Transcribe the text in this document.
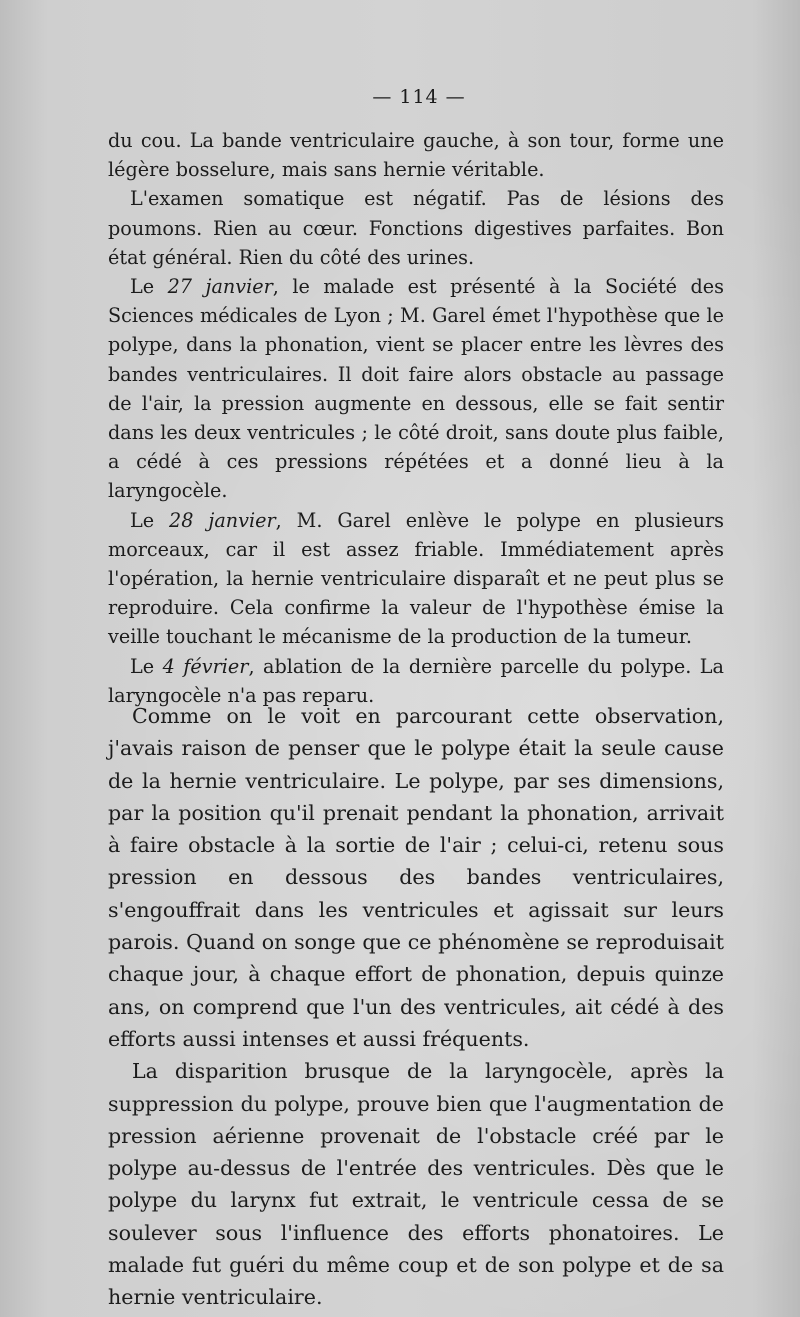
— 114 —

du cou. La bande ventriculaire gauche, à son tour, forme une légère bosselure, mais sans hernie véritable.

L'examen somatique est négatif. Pas de lésions des poumons. Rien au cœur. Fonctions digestives parfaites. Bon état général. Rien du côté des urines.

Le 27 janvier, le malade est présenté à la Société des Sciences médicales de Lyon ; M. Garel émet l'hypothèse que le polype, dans la phonation, vient se placer entre les lèvres des bandes ventriculaires. Il doit faire alors obstacle au passage de l'air, la pression augmente en dessous, elle se fait sentir dans les deux ventricules ; le côté droit, sans doute plus faible, a cédé à ces pressions répétées et a donné lieu à la laryngocèle.

Le 28 janvier, M. Garel enlève le polype en plusieurs morceaux, car il est assez friable. Immédiatement après l'opération, la hernie ventriculaire disparaît et ne peut plus se reproduire. Cela confirme la valeur de l'hypothèse émise la veille touchant le mécanisme de la production de la tumeur.

Le 4 février, ablation de la dernière parcelle du polype. La laryngocèle n'a pas reparu.

Comme on le voit en parcourant cette observation, j'avais raison de penser que le polype était la seule cause de la hernie ventriculaire. Le polype, par ses dimensions, par la position qu'il prenait pendant la phonation, arrivait à faire obstacle à la sortie de l'air ; celui-ci, retenu sous pression en dessous des bandes ventriculaires, s'engouffrait dans les ventricules et agissait sur leurs parois. Quand on songe que ce phénomène se reproduisait chaque jour, à chaque effort de phonation, depuis quinze ans, on comprend que l'un des ventricules, ait cédé à des efforts aussi intenses et aussi fréquents.

La disparition brusque de la laryngocèle, après la suppression du polype, prouve bien que l'augmentation de pression aérienne provenait de l'obstacle créé par le polype au-dessus de l'entrée des ventricules. Dès que le polype du larynx fut extrait, le ventricule cessa de se soulever sous l'influence des efforts phonatoires. Le malade fut guéri du même coup et de son polype et de sa hernie ventriculaire.
